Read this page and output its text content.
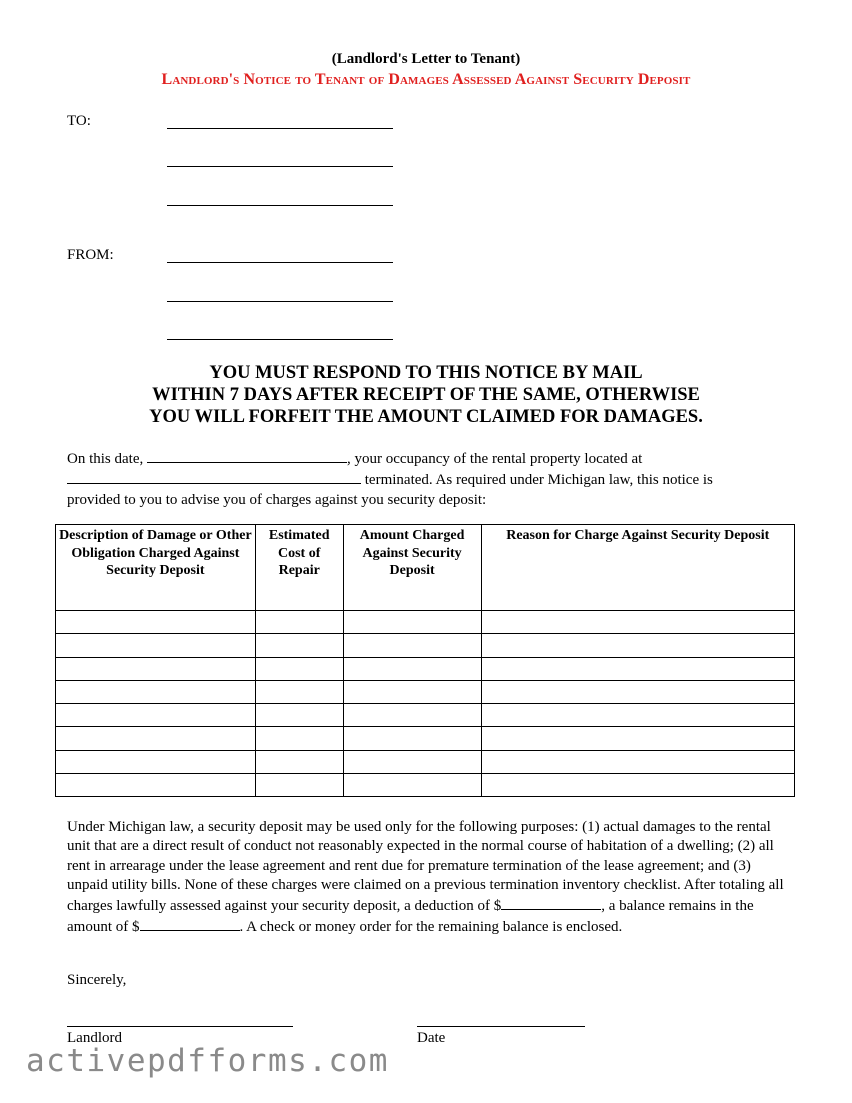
(Landlord's Letter to Tenant)
Landlord's Notice to Tenant of Damages Assessed Against Security Deposit
TO:
FROM:
YOU MUST RESPOND TO THIS NOTICE BY MAIL
WITHIN 7 DAYS AFTER RECEIPT OF THE SAME, OTHERWISE
YOU WILL FORFEIT THE AMOUNT CLAIMED FOR DAMAGES.
On this date,	, your occupancy of the rental property located at
terminated. As required under Michigan law, this notice is
provided to you to advise you of charges against you security deposit:
Description of Damage or Other Obligation Charged Against Security Deposit	Estimated Cost of Repair	Amount Charged Against Security Deposit	Reason for Charge Against Security Deposit

Under Michigan law, a security deposit may be used only for the following purposes: (1) actual damages to the rental unit that are a direct result of conduct not reasonably expected in the normal course of habitation of a dwelling; (2) all rent in arrearage under the lease agreement and rent due for premature termination of the lease agreement; and (3) unpaid utility bills. None of these charges were claimed on a previous termination inventory checklist. After totaling all charges lawfully assessed against your security deposit, a deduction of $	, a balance remains in the amount of $	. A check or money order for the remaining balance is enclosed.
Sincerely,
Landlord	Date
activepdfforms.com
